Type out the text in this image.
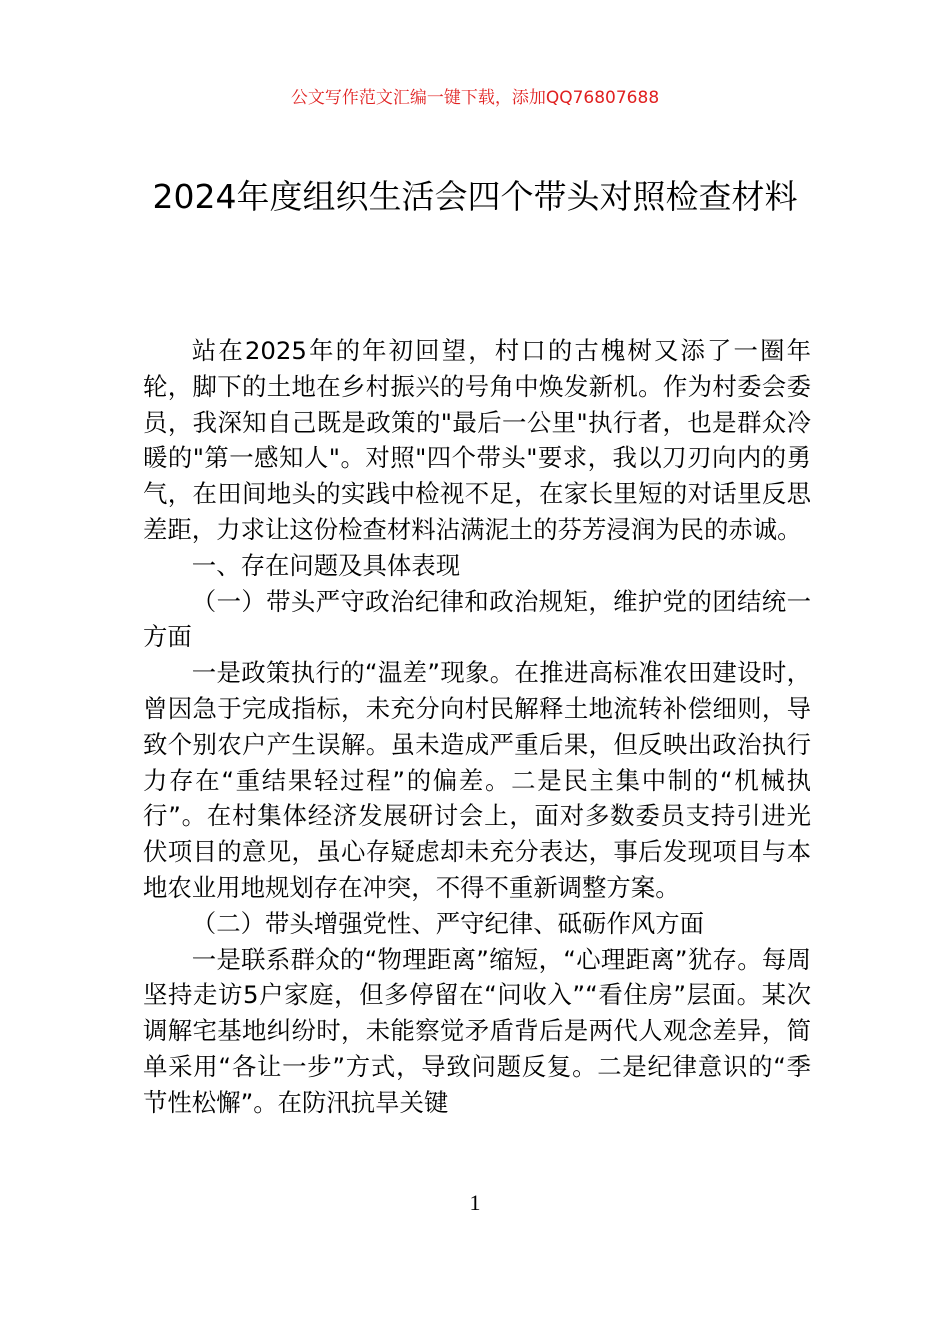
公文写作范文汇编一键下载，添加QQ76807688
2024年度组织生活会四个带头对照检查材料

站在2025年的年初回望，村口的古槐树又添了一圈年轮，脚下的土地在乡村振兴的号角中焕发新机。作为村委会委员，我深知自己既是政策的"最后一公里"执行者，也是群众冷暖的"第一感知人"。对照"四个带头"要求，我以刀刃向内的勇气，在田间地头的实践中检视不足，在家长里短的对话里反思差距，力求让这份检查材料沾满泥土的芬芳浸润为民的赤诚。

一、存在问题及具体表现

（一）带头严守政治纪律和政治规矩，维护党的团结统一方面

一是政策执行的“温差”现象。在推进高标准农田建设时，曾因急于完成指标，未充分向村民解释土地流转补偿细则，导致个别农户产生误解。虽未造成严重后果，但反映出政治执行力存在“重结果轻过程”的偏差。二是民主集中制的“机械执行”。在村集体经济发展研讨会上，面对多数委员支持引进光伏项目的意见，虽心存疑虑却未充分表达，事后发现项目与本地农业用地规划存在冲突，不得不重新调整方案。

（二）带头增强党性、严守纪律、砥砺作风方面

一是联系群众的“物理距离”缩短，“心理距离”犹存。每周坚持走访5户家庭，但多停留在“问收入”“看住房”层面。某次调解宅基地纠纷时，未能察觉矛盾背后是两代人观念差异，简单采用“各让一步”方式，导致问题反复。二是纪律意识的“季节性松懈”。在防汛抗旱关键

1
